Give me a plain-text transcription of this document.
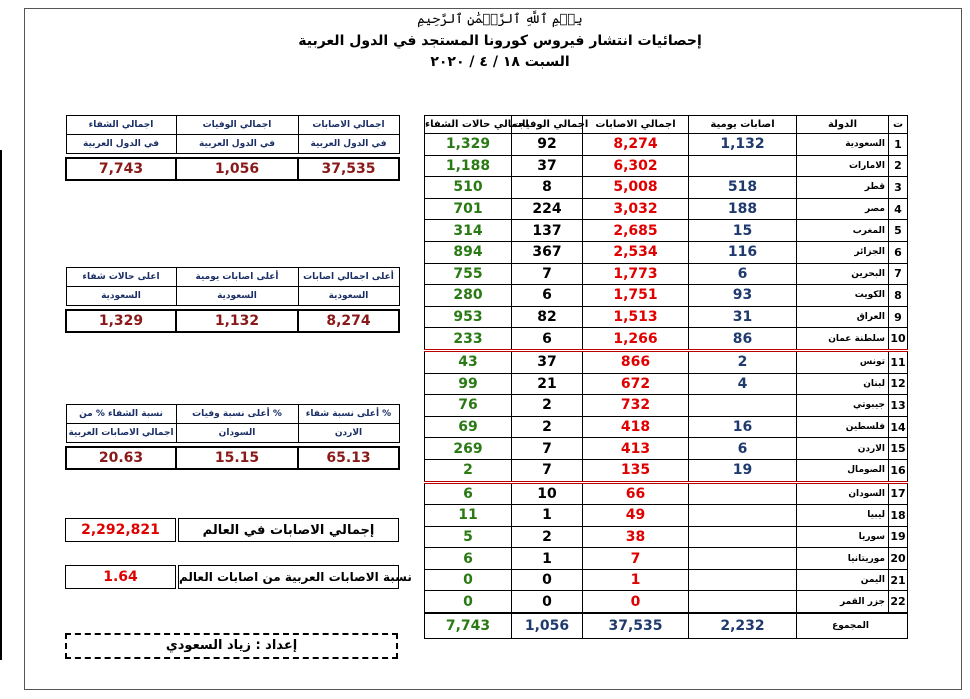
بِسۡمِ ٱللَّهِ ٱلرَّحۡمَٰنِ ٱلرَّحِيمِ
إحصائيات انتشار فيروس كورونا المستجد في الدول العربية
السبت ١٨ / ٤ / ٢٠٢٠
اجمالي حالات الشفاء	اجمالي الوفيات	اجمالي الاصابات	اصابات يومية	الدولة	ت
1,329	92	8,274	1,132	السعودية	1
1,188	37	6,302		الامارات	2
510	8	5,008	518	قطر	3
701	224	3,032	188	مصر	4
314	137	2,685	15	المغرب	5
894	367	2,534	116	الجزائر	6
755	7	1,773	6	البحرين	7
280	6	1,751	93	الكويت	8
953	82	1,513	31	العراق	9
233	6	1,266	86	سلطنة عمان	10
43	37	866	2	تونس	11
99	21	672	4	لبنان	12
76	2	732		جيبوتي	13
69	2	418	16	فلسطين	14
269	7	413	6	الاردن	15
2	7	135	19	الصومال	16
6	10	66		السودان	17
11	1	49		ليبيا	18
5	2	38		سوريا	19
6	1	7		موريتانيا	20
0	0	1		اليمن	21
0	0	0		جزر القمر	22
7,743	1,056	37,535	2,232	المجموع	
اجمالي الشفاء	اجمالي الوفيات	اجمالي الاصابات
في الدول العربية	في الدول العربية	في الدول العربية

7,743	1,056	37,535
اعلى حالات شفاء	أعلى اصابات يومية	أعلى اجمالي اصابات
السعودية	السعودية	السعودية

1,329	1,132	8,274
نسبة الشفاء % من	أعلى نسبة وفيات %	أعلى نسبة شفاء %
اجمالي الاصابات العربية	السودان	الاردن

20.63	15.15	65.13
2,292,821		إجمالي الاصابات في العالم
1.64		نسبة الاصابات العربية من اصابات العالم
إعداد : زياد السعودي
